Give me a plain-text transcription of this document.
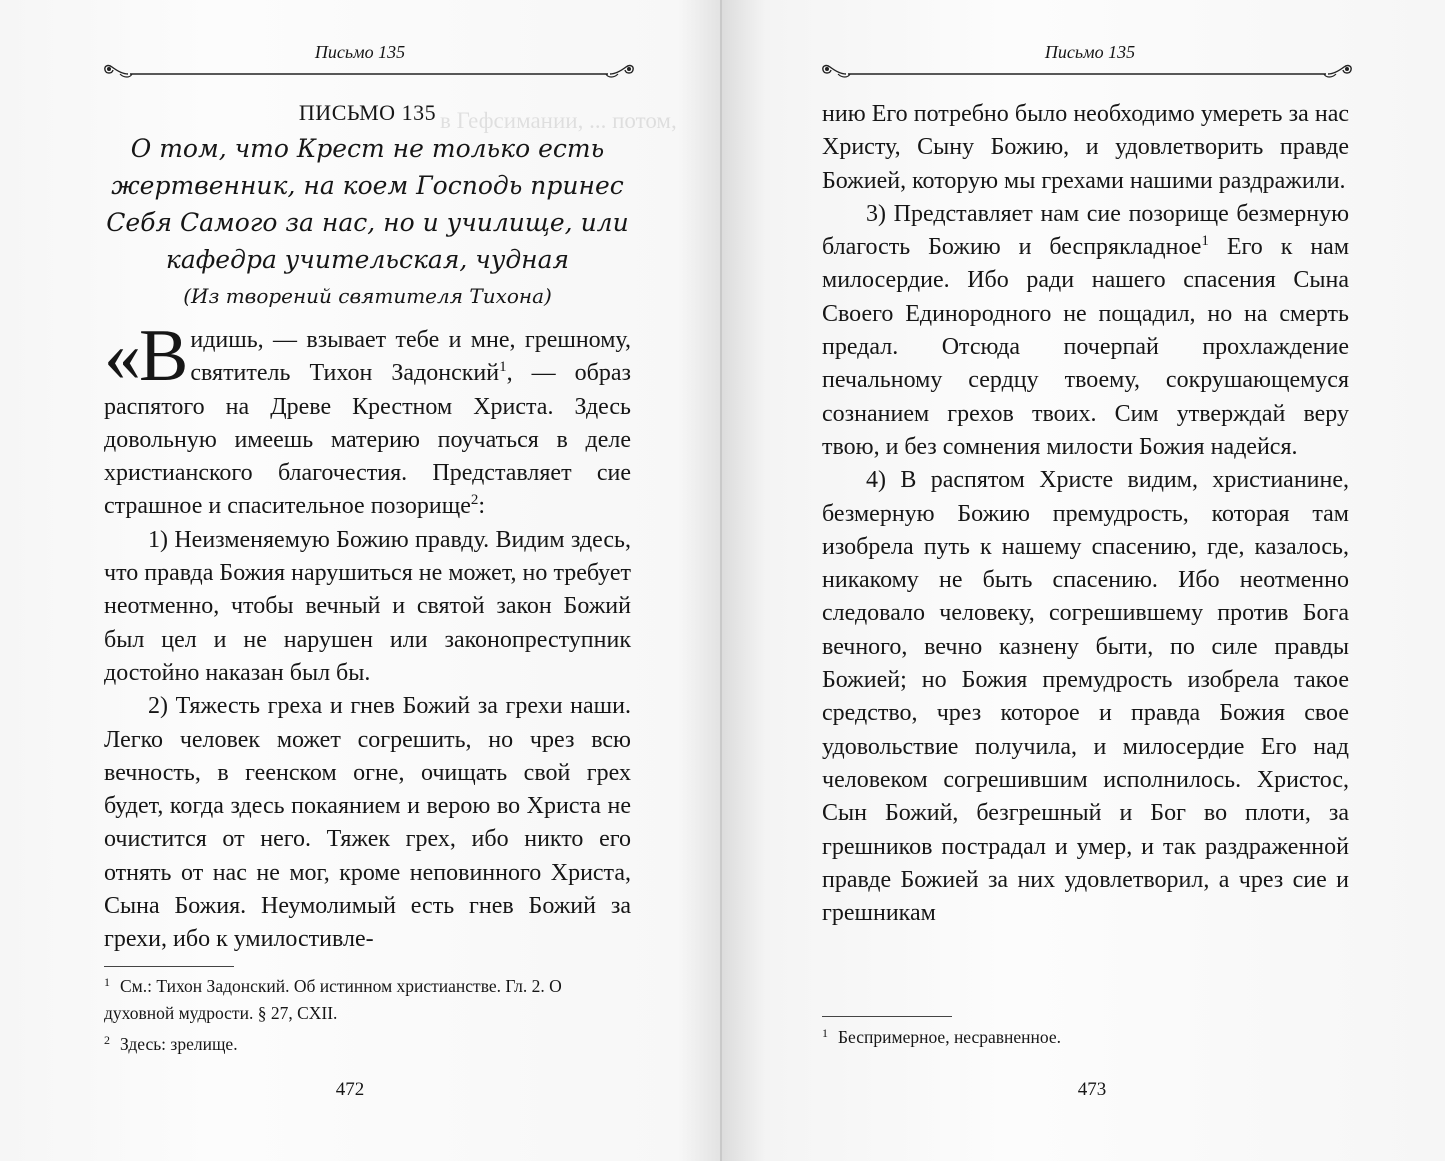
Письмо 135
в Гефсимании, ... потом,
ПИСЬМО 135
О том, что Крест не только есть жертвенник, на коем Господь принес Себя Самого за нас, но и училище, или кафедра учительская, чудная
(Из творений святителя Тихона)

«Видишь, — взывает тебе и мне, грешному, святитель Тихон Задонский$^1$, — образ распятого на Древе Крестном Христа. Здесь довольную имеешь материю поучаться в деле христианского благочестия. Представляет сие страшное и спасительное позорище$^2$:

1) Неизменяемую Божию правду. Видим здесь, что правда Божия нарушиться не может, но требует неотменно, чтобы вечный и святой закон Божий был цел и не нарушен или законопреступник достойно наказан был бы.

2) Тяжесть греха и гнев Божий за грехи наши. Легко человек может согрешить, но чрез всю вечность, в геенском огне, очищать свой грех будет, когда здесь покаянием и верою во Христа не очистится от него. Тяжек грех, ибо никто его отнять от нас не мог, кроме неповинного Христа, Сына Божия. Неумолимый есть гнев Божий за грехи, ибо к умилостивле-

$^1$ См.: Тихон Задонский. Об истинном христианстве. Гл. 2. О духовной мудрости. § 27, CXII.

$^2$ Здесь: зрелище.

472
Письмо 135

нию Его потребно было необходимо умереть за нас Христу, Сыну Божию, и удовлетворить правде Божией, которую мы грехами нашими раздражили.

3) Представляет нам сие позорище безмерную благость Божию и беспрякладное$^1$ Его к нам милосердие. Ибо ради нашего спасения Сына Своего Единородного не пощадил, но на смерть предал. Отсюда почерпай прохлаждение печальному сердцу твоему, сокрушающемуся сознанием грехов твоих. Сим утверждай веру твою, и без сомнения милости Божия надейся.

4) В распятом Христе видим, христианине, безмерную Божию премудрость, которая там изобрела путь к нашему спасению, где, казалось, никакому не быть спасению. Ибо неотменно следовало человеку, согрешившему против Бога вечного, вечно казнену быти, по силе правды Божией; но Божия премудрость изобрела такое средство, чрез которое и правда Божия свое удовольствие получила, и милосердие Его над человеком согрешившим исполнилось. Христос, Сын Божий, безгрешный и Бог во плоти, за грешников пострадал и умер, и так раздраженной правде Божией за них удовлетворил, а чрез сие и грешникам

$^1$ Беспримерное, несравненное.

473
